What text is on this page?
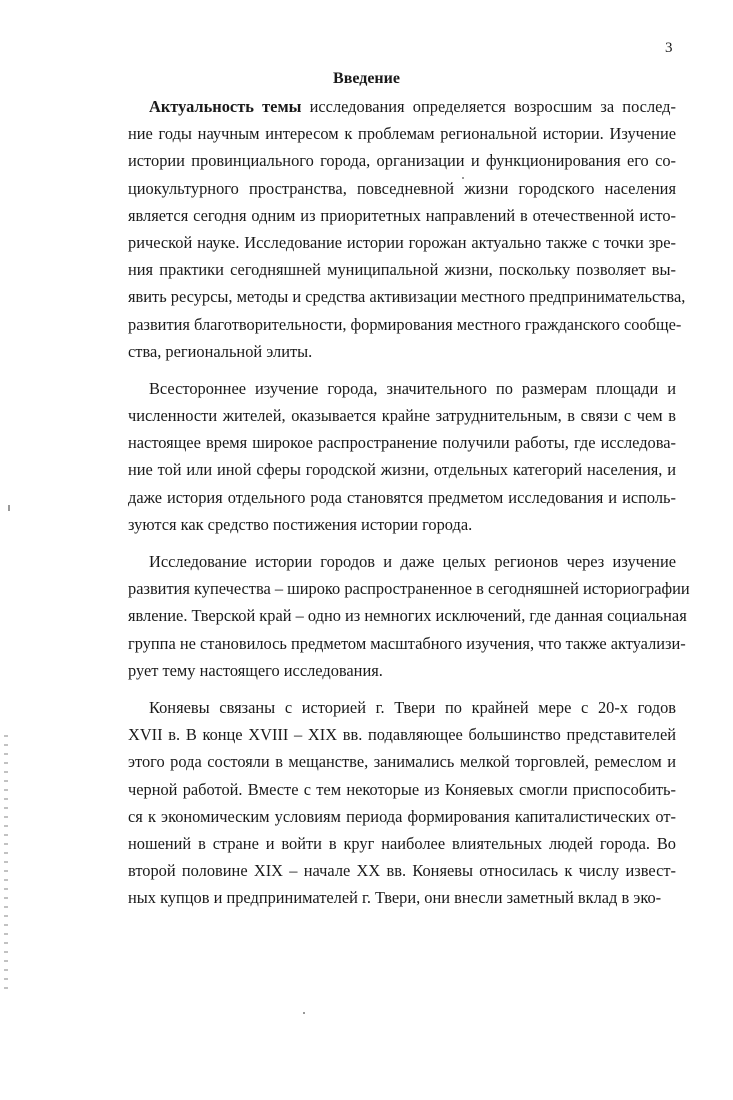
3
Введение
Актуальность темы исследования определяется возросшим за послед-
ние годы научным интересом к проблемам региональной истории. Изучение
истории провинциального города, организации и функционирования его со-
циокультурного пространства, повседневной жизни городского населения
является сегодня одним из приоритетных направлений в отечественной исто-
рической науке. Исследование истории горожан актуально также с точки зре-
ния практики сегодняшней муниципальной жизни, поскольку позволяет вы-
явить ресурсы, методы и средства активизации местного предпринимательства,
развития благотворительности, формирования местного гражданского сообще-
ства, региональной элиты.
Всестороннее изучение города, значительного по размерам площади и
численности жителей, оказывается крайне затруднительным, в связи с чем в
настоящее время широкое распространение получили работы, где исследова-
ние той или иной сферы городской жизни, отдельных категорий населения, и
даже история отдельного рода становятся предметом исследования и исполь-
зуются как средство постижения истории города.
Исследование истории городов и даже целых регионов через изучение
развития купечества – широко распространенное в сегодняшней историографии
явление. Тверской край – одно из немногих исключений, где данная социальная
группа не становилось предметом масштабного изучения, что также актуализи-
рует тему настоящего исследования.
Коняевы связаны с историей г. Твери по крайней мере с 20-х годов
XVII в. В конце XVIII – XIX вв. подавляющее большинство представителей
этого рода состояли в мещанстве, занимались мелкой торговлей, ремеслом и
черной работой. Вместе с тем некоторые из Коняевых смогли приспособить-
ся к экономическим условиям периода формирования капиталистических от-
ношений в стране и войти в круг наиболее влиятельных людей города. Во
второй половине XIX – начале XX вв. Коняевы относилась к числу извест-
ных купцов и предпринимателей г. Твери, они внесли заметный вклад в эко-
